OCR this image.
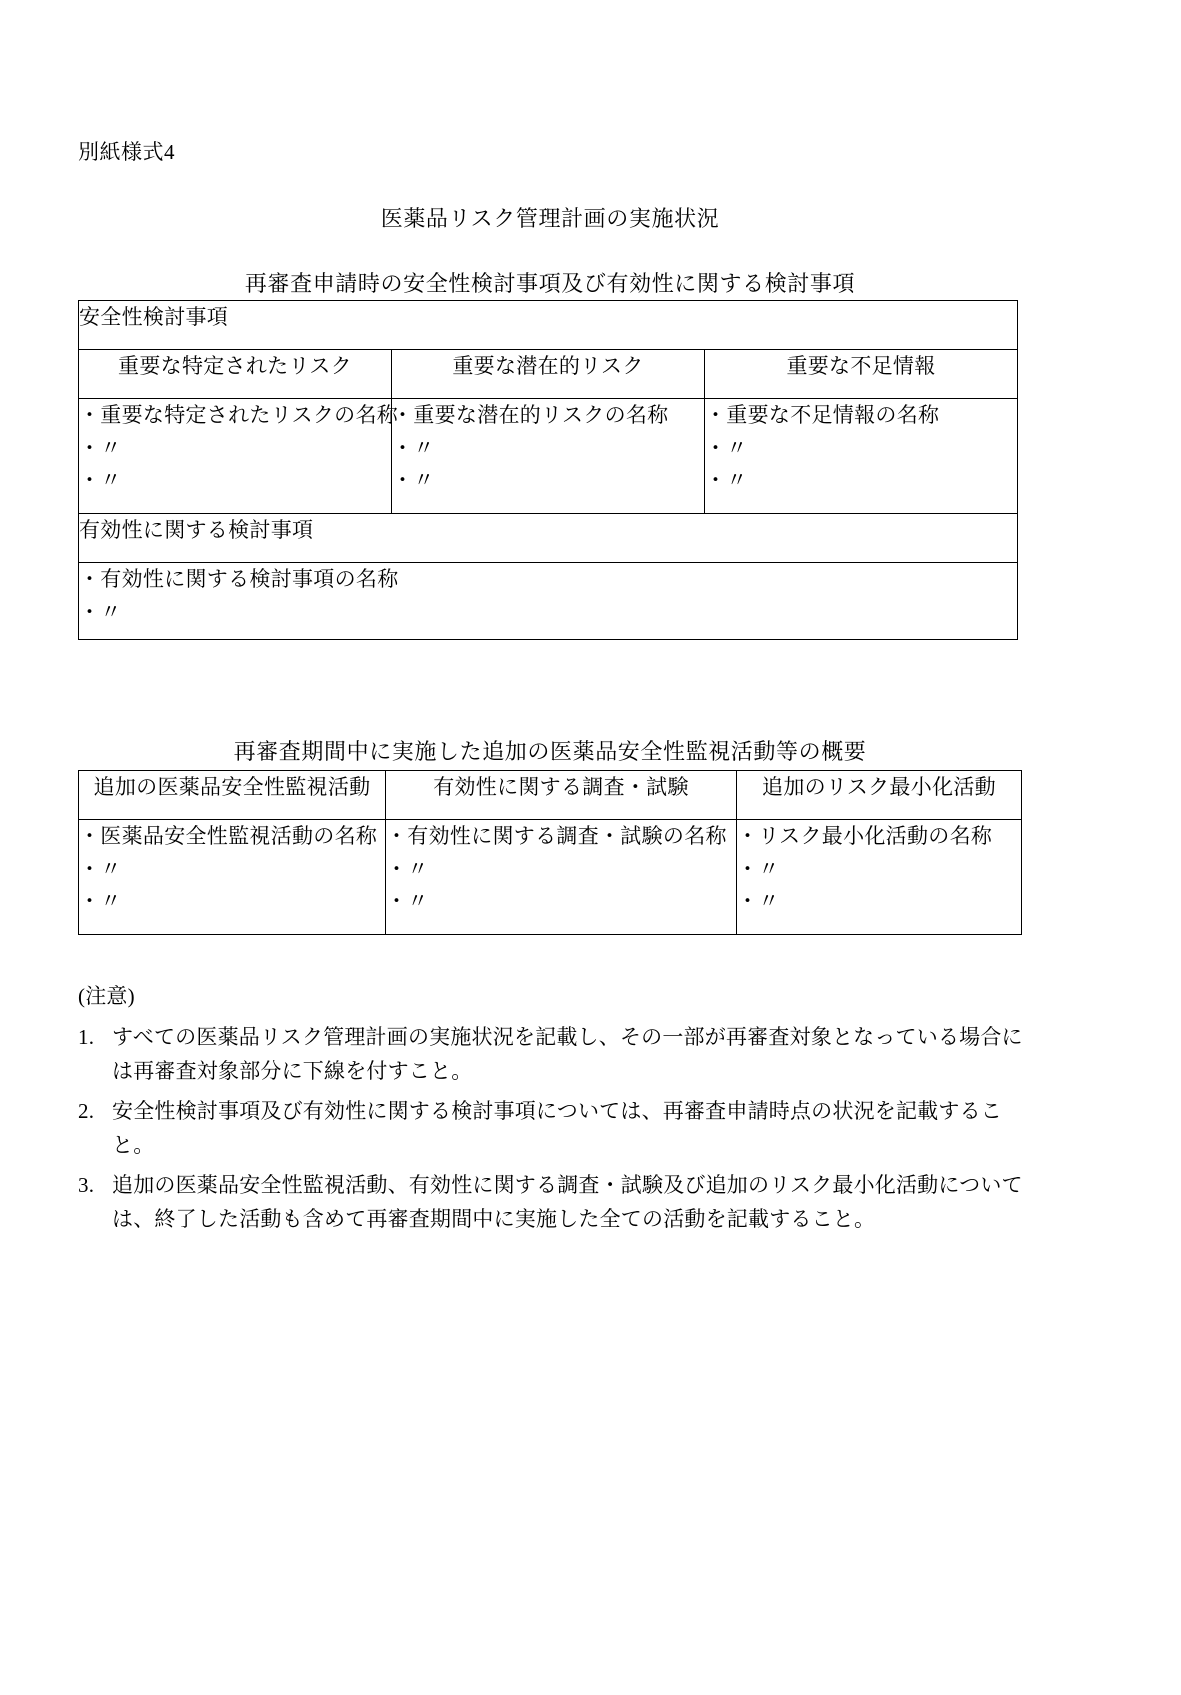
別紙様式4
医薬品リスク管理計画の実施状況
再審査申請時の安全性検討事項及び有効性に関する検討事項
安全性検討事項		
重要な特定されたリスク	重要な潜在的リスク	重要な不足情報

・重要な特定されたリスクの名称
・〃
・〃

・重要な潜在的リスクの名称
・〃
・〃

・重要な不足情報の名称
・〃
・〃

有効性に関する検討事項		

・有効性に関する検討事項の名称
・〃
再審査期間中に実施した追加の医薬品安全性監視活動等の概要
追加の医薬品安全性監視活動	有効性に関する調査・試験	追加のリスク最小化活動

・医薬品安全性監視活動の名称
・〃
・〃

・有効性に関する調査・試験の名称
・〃
・〃

・リスク最小化活動の名称
・〃
・〃

(注意)

1. すべての医薬品リスク管理計画の実施状況を記載し、その一部が再審査対象となっている場合には再審査対象部分に下線を付すこと。
2. 安全性検討事項及び有効性に関する検討事項については、再審査申請時点の状況を記載すること。
3. 追加の医薬品安全性監視活動、有効性に関する調査・試験及び追加のリスク最小化活動については、終了した活動も含めて再審査期間中に実施した全ての活動を記載すること。
